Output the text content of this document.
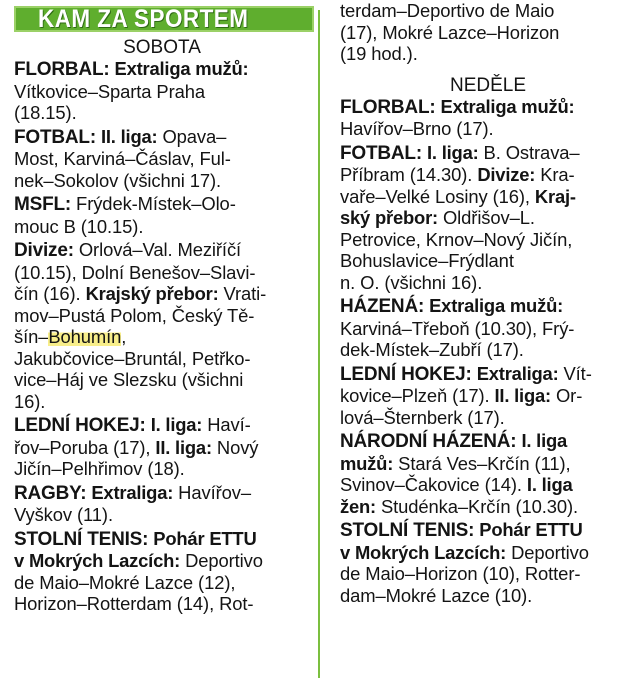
KAM ZA SPORTEM
SOBOTA

FLORBAL: Extraliga mužů:
Vítkovice–Sparta Praha
(18.15).

FOTBAL: II. liga: Opava–
Most, Karviná–Čáslav, Ful-
nek–Sokolov (všichni 17).

MSFL: Frýdek-Místek–Olo-
mouc B (10.15).

Divize: Orlová–Val. Meziříčí
(10.15), Dolní Benešov–Slavi-
čín (16). Krajský přebor: Vrati-
mov–Pustá Polom, Český Tě-
šín–Bohumín,
Jakubčovice–Bruntál, Petřko-
vice–Háj ve Slezsku (všichni
16).

LEDNÍ HOKEJ: I. liga: Haví-
řov–Poruba (17), II. liga: Nový
Jičín–Pelhřimov (18).

RAGBY: Extraliga: Havířov–
Vyškov (11).

STOLNÍ TENIS: Pohár ETTU
v Mokrých Lazcích: Deportivo
de Maio–Mokré Lazce (12),
Horizon–Rotterdam (14), Rot-

terdam–Deportivo de Maio
(17), Mokré Lazce–Horizon
(19 hod.).

NEDĚLE

FLORBAL: Extraliga mužů:
Havířov–Brno (17).

FOTBAL: I. liga: B. Ostrava–
Příbram (14.30). Divize: Kra-
vaře–Velké Losiny (16), Kraj-
ský přebor: Oldřišov–L.
Petrovice, Krnov–Nový Jičín,
Bohuslavice–Frýdlant
n. O. (všichni 16).

HÁZENÁ: Extraliga mužů:
Karviná–Třeboň (10.30), Frý-
dek-Místek–Zubří (17).

LEDNÍ HOKEJ: Extraliga: Vít-
kovice–Plzeň (17). II. liga: Or-
lová–Šternberk (17).

NÁRODNÍ HÁZENÁ: I. liga
mužů: Stará Ves–Krčín (11),
Svinov–Čakovice (14). I. liga
žen: Studénka–Krčín (10.30).

STOLNÍ TENIS: Pohár ETTU
v Mokrých Lazcích: Deportivo
de Maio–Horizon (10), Rotter-
dam–Mokré Lazce (10).
